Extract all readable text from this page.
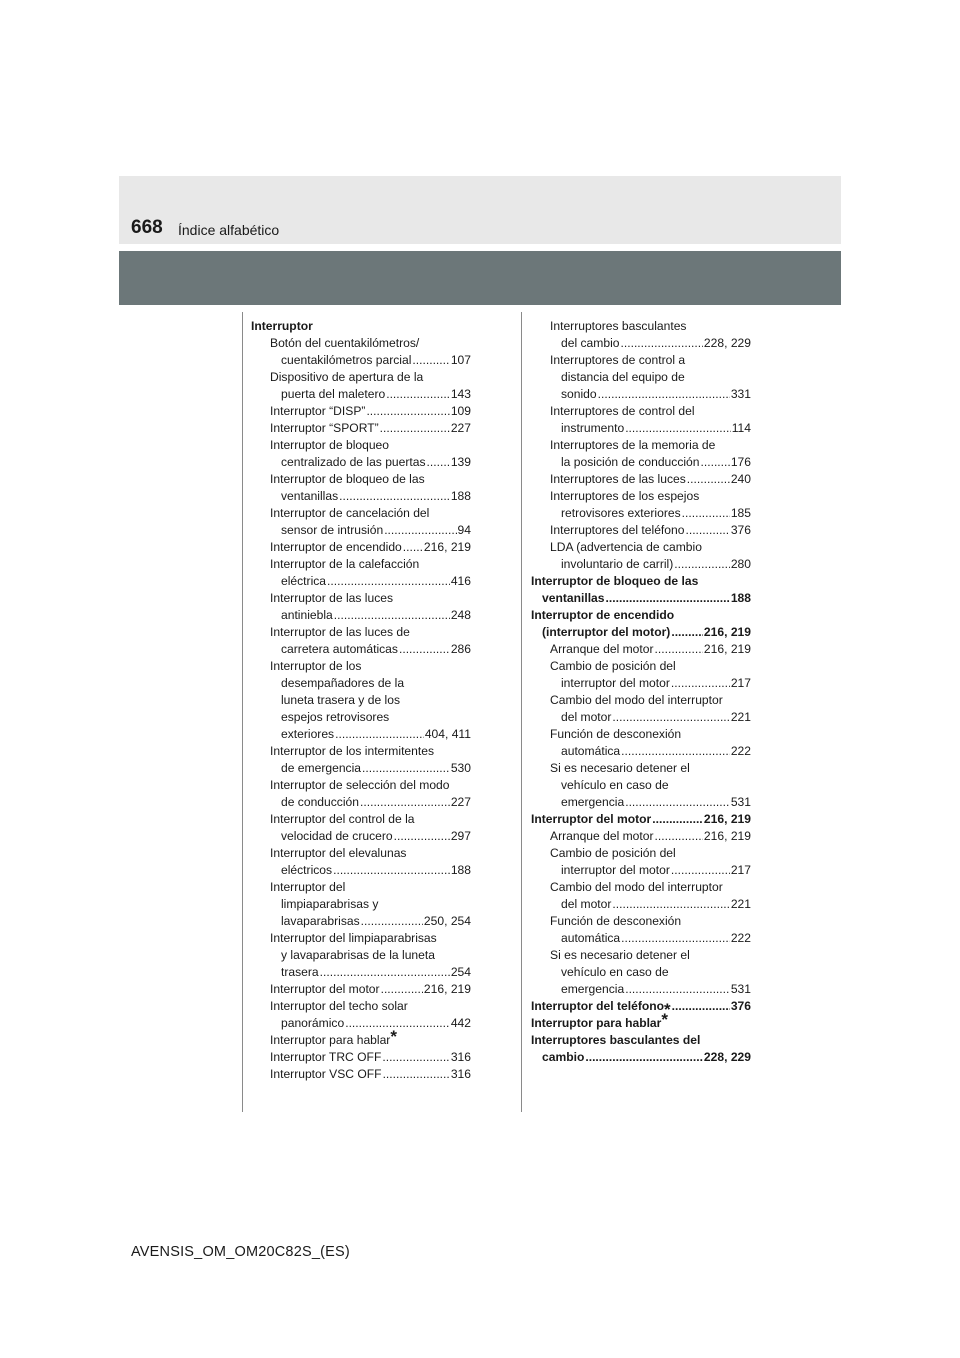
668 Índice alfabético
Interruptor
Botón del cuentakilómetros/
cuentakilómetros parcial .....	107
Dispositivo de apertura de la
puerta del maletero .....	143
Interruptor “DISP” .....	109
Interruptor “SPORT” .....	227
Interruptor de bloqueo
centralizado de las puertas ..... 139
Interruptor de bloqueo de las
ventanillas .....	188
Interruptor de cancelación del
sensor de intrusión .....	94
Interruptor de encendido ..... 216, 219
Interruptor de la calefacción
eléctrica .....	416
Interruptor de las luces
antiniebla .....	248
Interruptor de las luces de
carretera automáticas .....	286
Interruptor de los
desempañadores de la
luneta trasera y de los
espejos retrovisores
exteriores .....	404, 411
Interruptor de los intermitentes
de emergencia .....	530
Interruptor de selección del modo
de conducción .....	227
Interruptor del control de la
velocidad de crucero .....	297
Interruptor del elevalunas
eléctricos .....	188
Interruptor del
limpiaparabrisas y
lavaparabrisas .....	250, 254
Interruptor del limpiaparabrisas
y lavaparabrisas de la luneta
trasera .....	254
Interruptor del motor .....	216, 219
Interruptor del techo solar
panorámico .....	442
Interruptor para hablar*
Interruptor TRC OFF .....	316
Interruptor VSC OFF .....	316
Interruptores basculantes
del cambio .....	228, 229
Interruptores de control a
distancia del equipo de
sonido .....	331
Interruptores de control del
instrumento .....	114
Interruptores de la memoria de
la posición de conducción .....	176
Interruptores de las luces .....	240
Interruptores de los espejos
retrovisores exteriores .....	185
Interruptores del teléfono .....	376
LDA (advertencia de cambio
involuntario de carril) .....	280
Interruptor de bloqueo de las
ventanillas .....	188
Interruptor de encendido
(interruptor del motor) .....	216, 219
Arranque del motor .....	216, 219
Cambio de posición del
interruptor del motor .....	217
Cambio del modo del interruptor
del motor .....	221
Función de desconexión
automática .....	222
Si es necesario detener el
vehículo en caso de
emergencia .....	531
Interruptor del motor .....	216, 219
Arranque del motor .....	216, 219
Cambio de posición del
interruptor del motor .....	217
Cambio del modo del interruptor
del motor .....	221
Función de desconexión
automática .....	222
Si es necesario detener el
vehículo en caso de
emergencia .....	531
Interruptor del teléfono * .....	376
Interruptor para hablar*
Interruptores basculantes del
cambio .....	228, 229
AVENSIS_OM_OM20C82S_(ES)
